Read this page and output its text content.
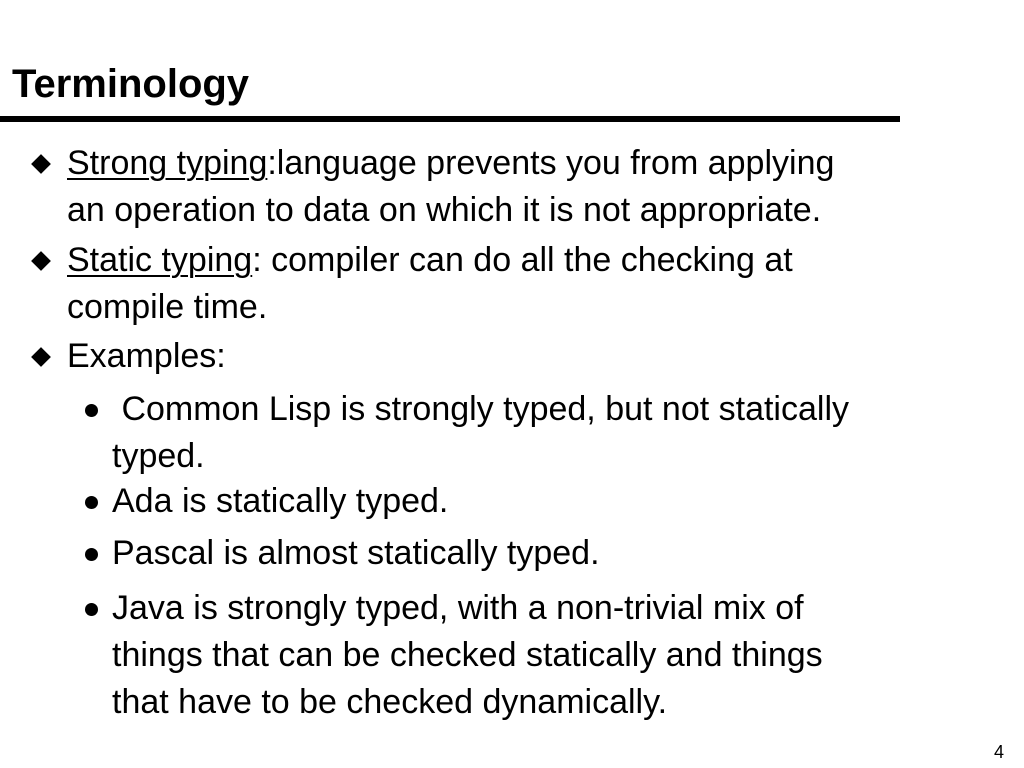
Terminology
Strong typing:language prevents you from applying
an operation to data on which it is not appropriate.
Static typing: compiler can do all the checking at
compile time.
Examples:
Common Lisp is strongly typed, but not statically
typed.
Ada is statically typed.
Pascal is almost statically typed.
Java is strongly typed, with a non-trivial mix of
things that can be checked statically and things
that have to be checked dynamically.
4
